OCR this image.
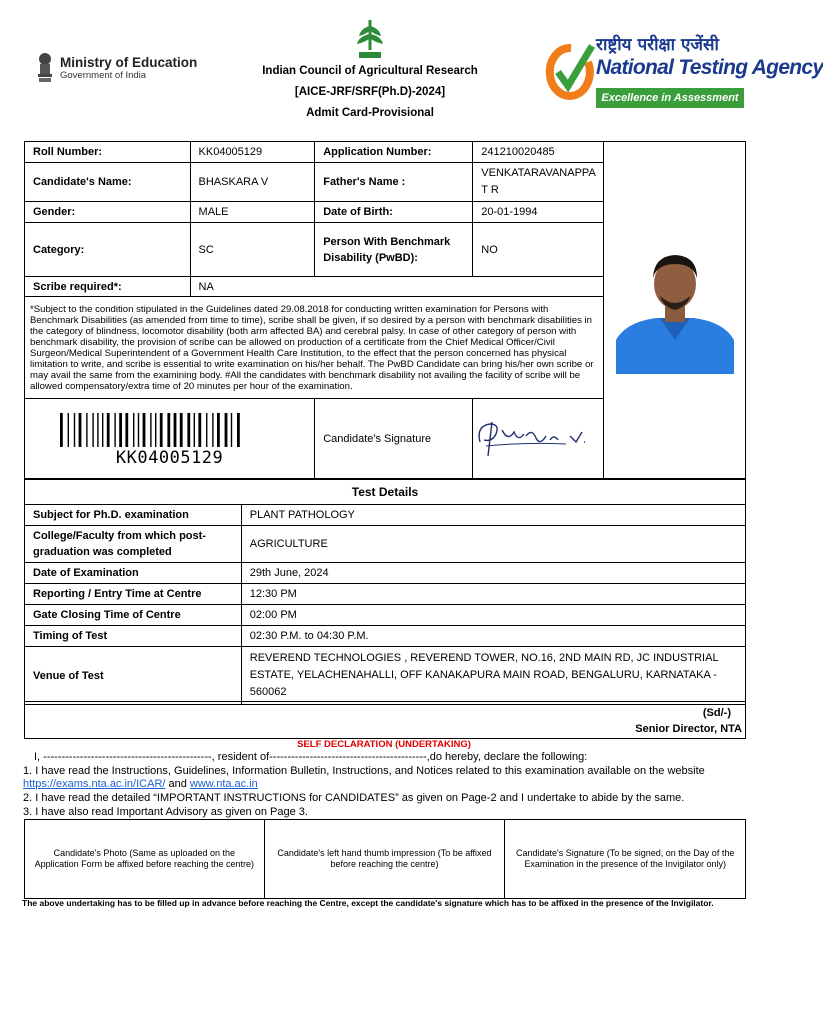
Ministry of Education
Government of India	Indian Council of Agricultural Research
[AICE-JRF/SRF(Ph.D)-2024]
Admit Card-Provisional
राष्ट्रीय परीक्षा एजेंसी
National Testing Agency
Excellence in Assessment
Roll Number:	KK04005129	Application Number:	241210020485	
Candidate's Name:	BHASKARA V	Father's Name :	VENKATARAVANAPPA T R	
Gender:	MALE	Date of Birth:	20-01-1994	
Category:	SC	Person With Benchmark Disability (PwBD):	NO	
Scribe required*:	NA			
*Subject to the condition stipulated in the Guidelines dated 29.08.2018 for conducting written examination for Persons with Benchmark Disabilities (as amended from time to time), scribe shall be given, if so desired by a person with benchmark disabilities in the category of blindness, locomotor disability (both arm affected BA) and cerebral palsy. In case of other category of person with benchmark disability, the provision of scribe can be allowed on production of a certificate from the Chief Medical Officer/Civil Surgeon/Medical Superintendent of a Government Health Care Institution, to the effect that the person concerned has physical limitation to write, and scribe is essential to write examination on his/her behalf. The PwBD Candidate can bring his/her own scribe or may avail the same from the examining body. #All the candidates with benchmark disability not availing the facility of scribe will be allowed compensatory/extra time of 20 minutes per hour of the examination.				

KK04005129		Candidate's Signature	
Test Details	
Subject for Ph.D. examination	PLANT PATHOLOGY
College/Faculty from which post-graduation was completed	AGRICULTURE
Date of Examination	29th June, 2024
Reporting / Entry Time at Centre	12:30 PM
Gate Closing Time of Centre	02:00 PM
Timing of Test	02:30 P.M. to 04:30 P.M.
Venue of Test	REVEREND TECHNOLOGIES , REVEREND TOWER, NO.16, 2ND MAIN RD, JC INDUSTRIAL ESTATE, YELACHENAHALLI, OFF KANAKAPURA MAIN ROAD, BENGALURU, KARNATAKA - 560062
(Sd/-)
Senior Director, NTA
SELF DECLARATION (UNDERTAKING)
I, ----------------------------------------------, resident of-------------------------------------------,do hereby, declare the following:
1. I have read the Instructions, Guidelines, Information Bulletin, Instructions, and Notices related to this examination available on the website
https://exams.nta.ac.in/ICAR/ and www.nta.ac.in
2. I have read the detailed “IMPORTANT INSTRUCTIONS for CANDIDATES” as given on Page-2 and I undertake to abide by the same.
3. I have also read Important Advisory as given on Page 3.
Candidate's Photo (Same as uploaded on the Application Form be affixed before reaching the centre)	Candidate's left hand thumb impression (To be affixed before reaching the centre)	Candidate's Signature (To be signed, on the Day of the Examination in the presence of the Invigilator only)
The above undertaking has to be filled up in advance before reaching the Centre, except the candidate's signature which has to be affixed in the presence of the Invigilator.
